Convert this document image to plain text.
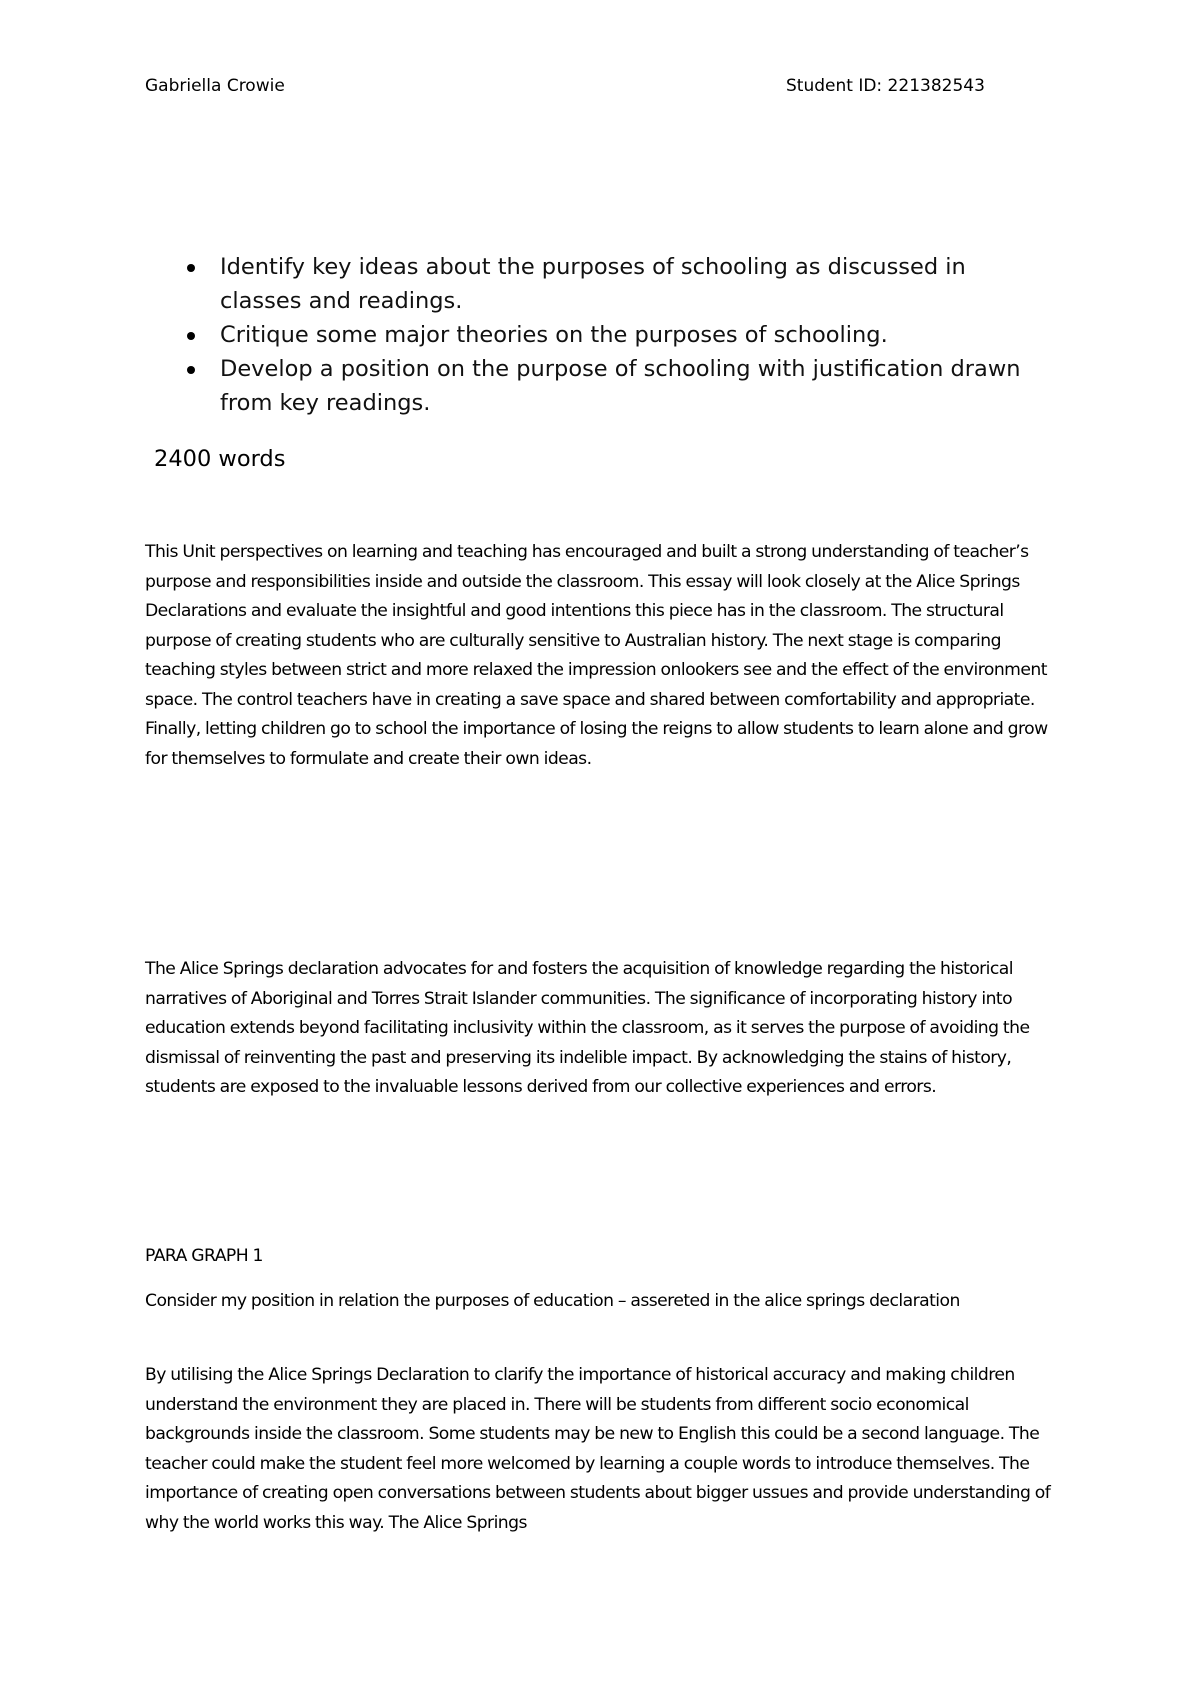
Gabriella Crowie	Student ID: 221382543
Identify key ideas about the purposes of schooling as discussed in classes and readings.
Critique some major theories on the purposes of schooling.
Develop a position on the purpose of schooling with justification drawn from key readings.
2400 words

This Unit perspectives on learning and teaching has encouraged and built a strong understanding of teacher’s purpose and responsibilities inside and outside the classroom. This essay will look closely at the Alice Springs Declarations and evaluate the insightful and good intentions this piece has in the classroom. The structural purpose of creating students who are culturally sensitive to Australian history. The next stage is comparing teaching styles between strict and more relaxed the impression onlookers see and the effect of the environment space. The control teachers have in creating a save space and shared between comfortability and appropriate. Finally, letting children go to school the importance of losing the reigns to allow students to learn alone and grow for themselves to formulate and create their own ideas.

The Alice Springs declaration advocates for and fosters the acquisition of knowledge regarding the historical narratives of Aboriginal and Torres Strait Islander communities. The significance of incorporating history into education extends beyond facilitating inclusivity within the classroom, as it serves the purpose of avoiding the dismissal of reinventing the past and preserving its indelible impact. By acknowledging the stains of history, students are exposed to the invaluable lessons derived from our collective experiences and errors.

PARA GRAPH 1

Consider my position in relation the purposes of education – assereted in the alice springs declaration

By utilising the Alice Springs Declaration to clarify the importance of historical accuracy and making children understand the environment they are placed in. There will be students from different socio economical backgrounds inside the classroom. Some students may be new to English this could be a second language. The teacher could make the student feel more welcomed by learning a couple words to introduce themselves. The importance of creating open conversations between students about bigger ussues and provide understanding of why the world works this way. The Alice Springs
